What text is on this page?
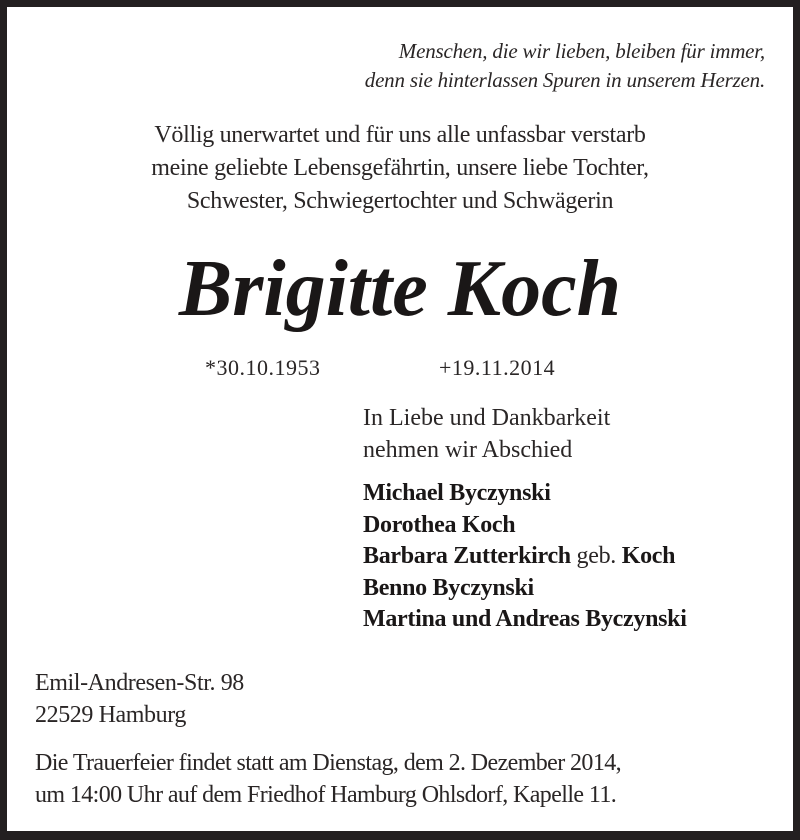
Menschen, die wir lieben, bleiben für immer,
denn sie hinterlassen Spuren in unserem Herzen.
Völlig unerwartet und für uns alle unfassbar verstarb
meine geliebte Lebensgefährtin, unsere liebe Tochter,
Schwester, Schwiegertochter und Schwägerin
Brigitte Koch
*30.10.1953	+19.11.2014
In Liebe und Dankbarkeit
nehmen wir Abschied
Michael Byczynski
Dorothea Koch
Barbara Zutterkirch geb. Koch
Benno Byczynski
Martina und Andreas Byczynski
Emil-Andresen-Str. 98
22529 Hamburg
Die Trauerfeier findet statt am Dienstag, dem 2. Dezember 2014,
um 14:00 Uhr auf dem Friedhof Hamburg Ohlsdorf, Kapelle 11.
